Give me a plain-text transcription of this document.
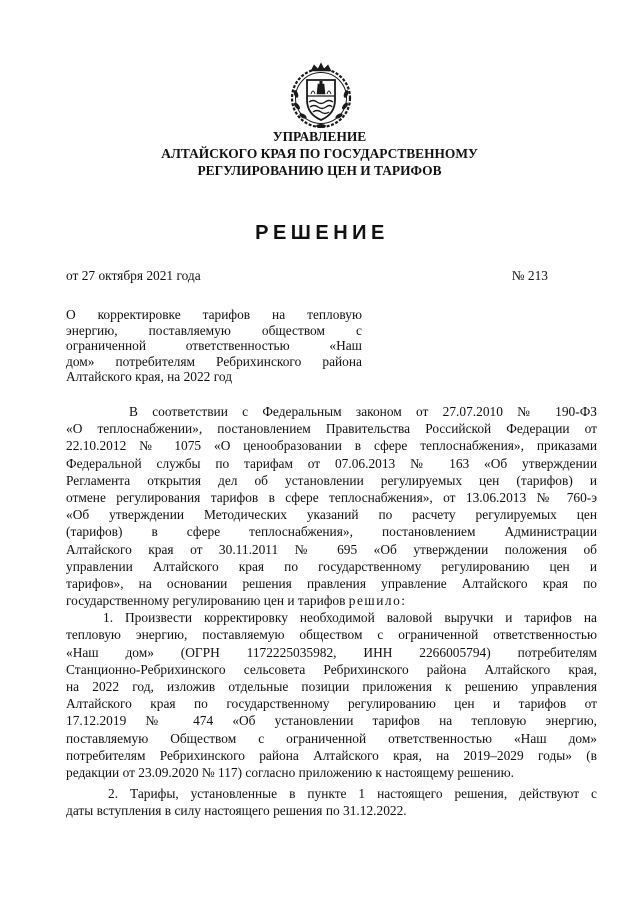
УПРАВЛЕНИЕ
АЛТАЙСКОГО КРАЯ ПО ГОСУДАРСТВЕННОМУ
РЕГУЛИРОВАНИЮ ЦЕН И ТАРИФОВ
РЕШЕНИЕ
от 27 октября 2021 года	№ 213
О корректировке тарифов на тепловую
энергию, поставляемую обществом с
ограниченной ответственностью «Наш
дом» потребителям Ребрихинского района
Алтайского края, на 2022 год
В соответствии с Федеральным законом от 27.07.2010 № 190-ФЗ
«О теплоснабжении», постановлением Правительства Российской Федерации от
22.10.2012 № 1075 «О ценообразовании в сфере теплоснабжения», приказами
Федеральной службы по тарифам от 07.06.2013 № 163 «Об утверждении
Регламента открытия дел об установлении регулируемых цен (тарифов) и
отмене регулирования тарифов в сфере теплоснабжения», от 13.06.2013 № 760-э
«Об утверждении Методических указаний по расчету регулируемых цен
(тарифов) в сфере теплоснабжения», постановлением Администрации
Алтайского края от 30.11.2011 № 695 «Об утверждении положения об
управлении Алтайского края по государственному регулированию цен и
тарифов», на основании решения правления управление Алтайского края по
государственному регулированию цен и тарифов решило:
1. Произвести корректировку необходимой валовой выручки и тарифов на
тепловую энергию, поставляемую обществом с ограниченной ответственностью
«Наш дом» (ОГРН 1172225035982, ИНН 2266005794) потребителям
Станционно-Ребрихинского сельсовета Ребрихинского района Алтайского края,
на 2022 год, изложив отдельные позиции приложения к решению управления
Алтайского края по государственному регулированию цен и тарифов от
17.12.2019 № 474 «Об установлении тарифов на тепловую энергию,
поставляемую Обществом с ограниченной ответственностью «Наш дом»
потребителям Ребрихинского района Алтайского края, на 2019–2029 годы» (в
редакции от 23.09.2020 № 117) согласно приложению к настоящему решению.
2. Тарифы, установленные в пункте 1 настоящего решения, действуют с
даты вступления в силу настоящего решения по 31.12.2022.
